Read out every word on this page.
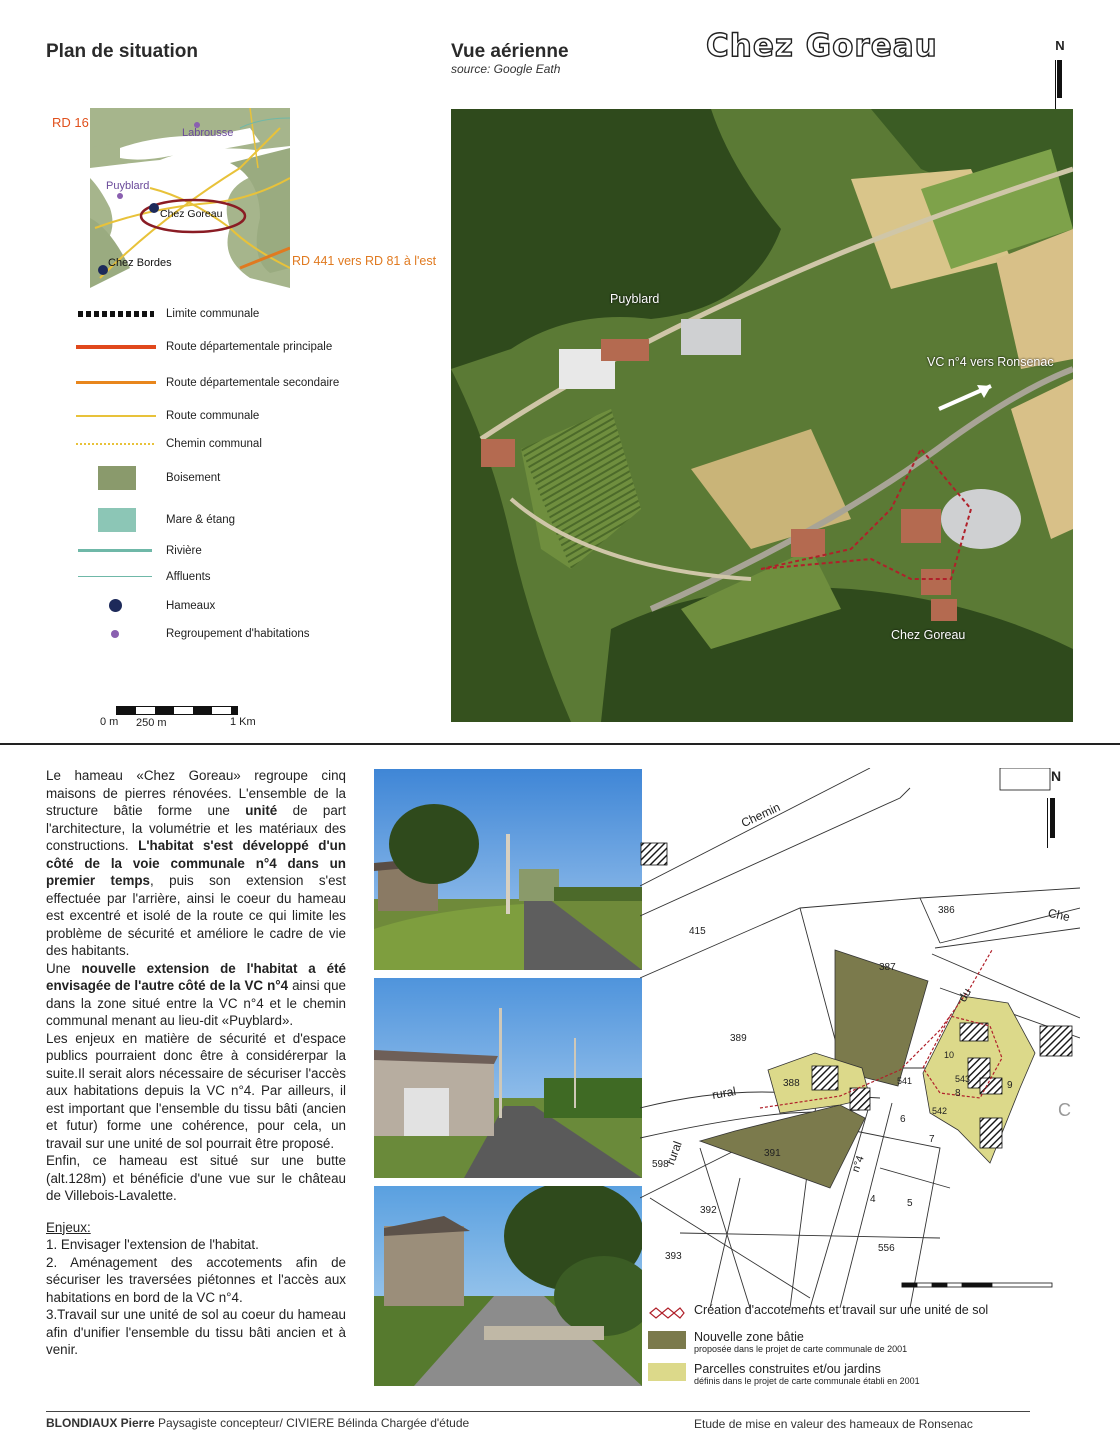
Plan de situation	Vue aérienne
source: Google Eath
Chez Goreau	N
Labrousse
Puyblard
Chez Goreau
Chez Bordes
RD 16
RD 441 vers RD 81 à l'est
Limite communale
Route départementale principale
Route départementale secondaire
Route communale
Chemin communal
Boisement
Mare & étang
Rivière
Affluents
Hameaux
Regroupement d'habitations
0 m 250 m	1 Km
Puyblard
VC n°4 vers Ronsenac
Chez Goreau

Le hameau «Chez Goreau» regroupe cinq maisons de pierres rénovées. L'ensemble de la structure bâtie forme une unité de part l'architecture, la volumétrie et les matériaux des constructions. L'habitat s'est développé d'un côté de la voie communale n°4 dans un premier temps, puis son extension s'est effectuée par l'arrière, ainsi le coeur du hameau est excentré et isolé de la route ce qui limite les problème de sécurité et améliore le cadre de vie des habitants.

Une nouvelle extension de l'habitat a été envisagée de l'autre côté de la VC n°4 ainsi que dans la zone situé entre la VC n°4 et le chemin communal menant au lieu-dit «Puyblard».

Les enjeux en matière de sécurité et d'espace publics pourraient donc être à considérerpar la suite.Il serait alors nécessaire de sécuriser l'accès aux habitations depuis la VC n°4. Par ailleurs, il est important que l'ensemble du tissu bâti (ancien et futur) forme une cohérence, pour cela, un travail sur une unité de sol pourrait être proposé.

Enfin, ce hameau est situé sur une butte (alt.128m) et bénéficie d'une vue sur le château de Villebois-Lavalette.

Enjeux:

1. Envisager l'extension de l'habitat.

2. Aménagement des accotements afin de sécuriser les traversées piétonnes et l'accès aux habitations en bord de la VC n°4.

3.Travail sur une unité de sol au coeur du hameau afin d'unifier l'ensemble du tissu bâti ancien et à venir.

N
Chemin
Che
rural
rural
du
n°4
C
386
415
387
389
388
391
392
393
598
4	5
6
7
8
9
541
542
543
556
10
Création d'accotements et travail sur une unité de sol
Nouvelle zone bâtie
proposée dans le projet de carte communale de 2001
Parcelles construites et/ou jardins
définis dans le projet de carte communale établi en 2001
BLONDIAUX Pierre Paysagiste concepteur/ CIVIERE Bélinda Chargée d'étude	Etude de mise en valeur des hameaux de Ronsenac
